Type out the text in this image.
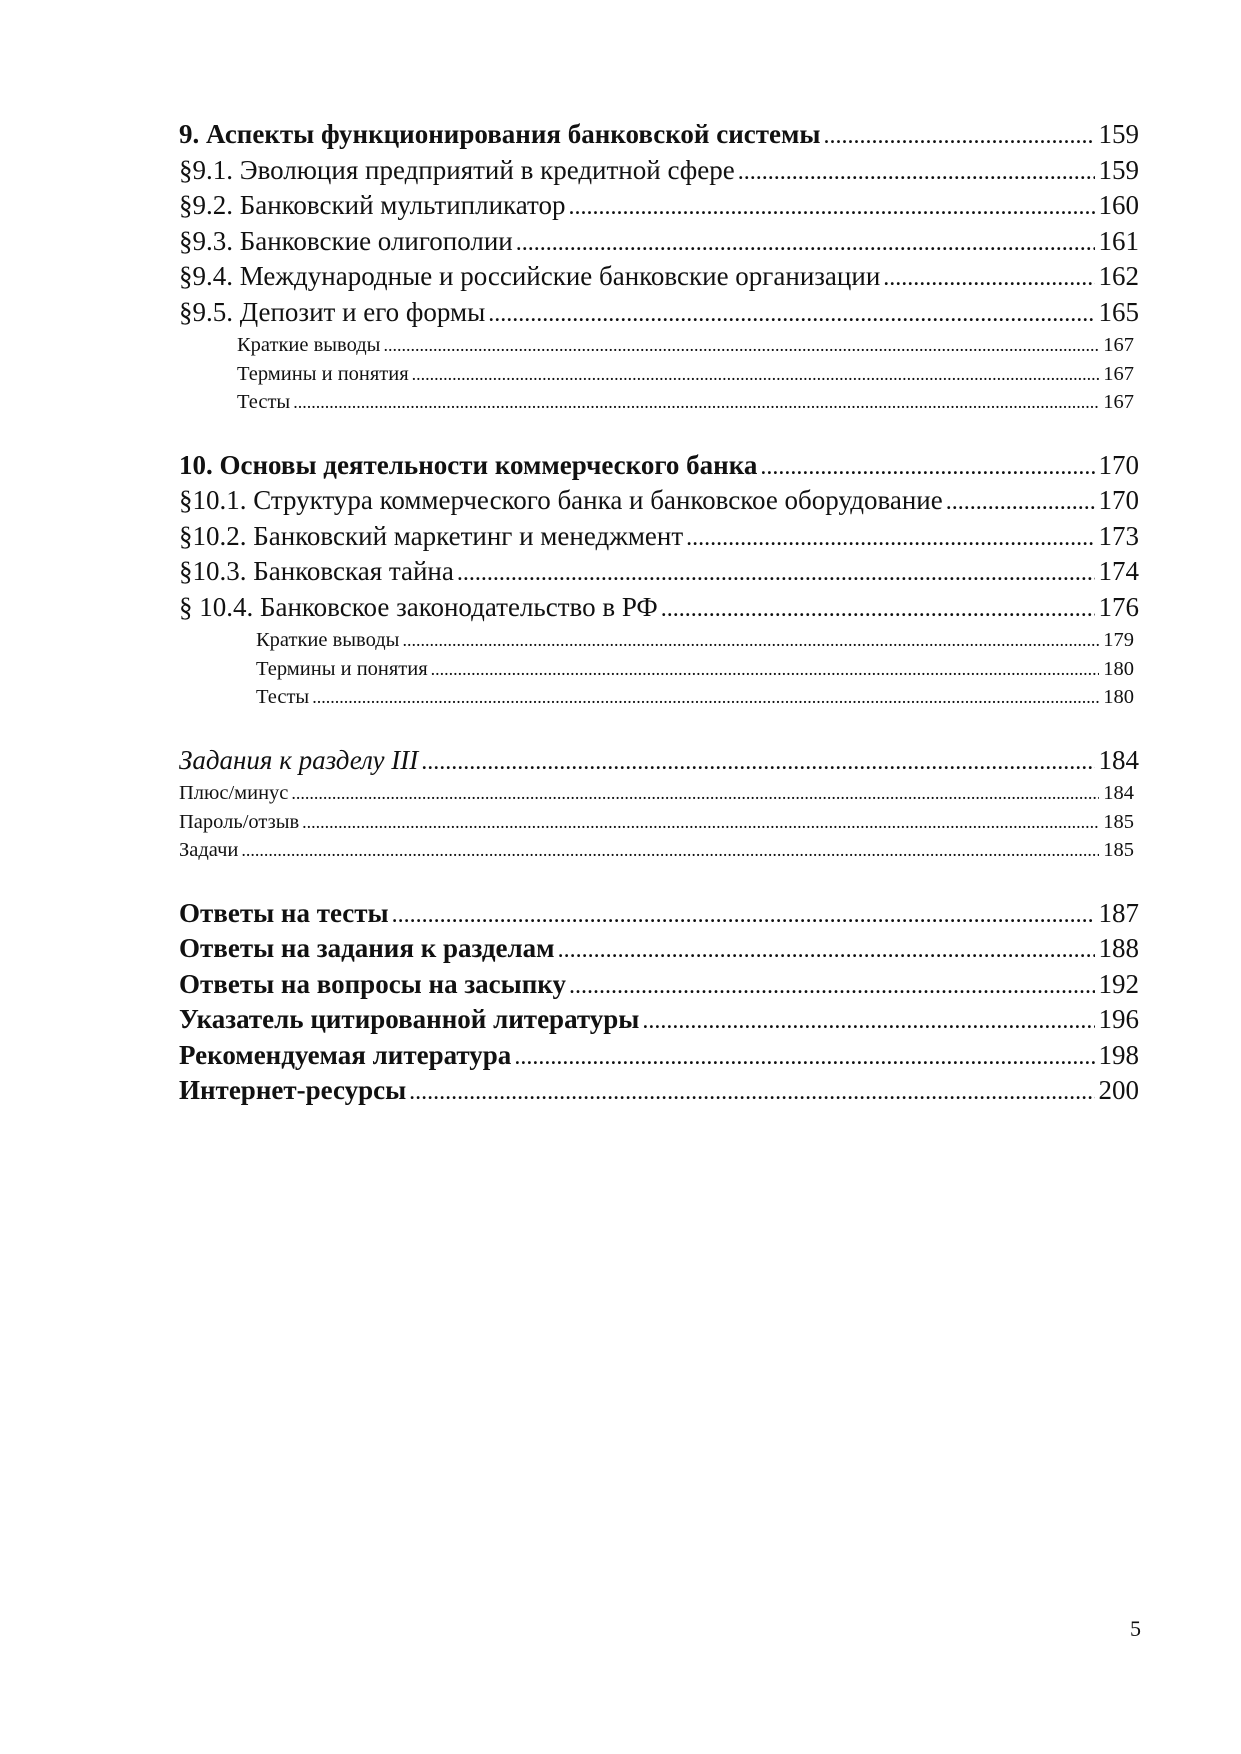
9. Аспекты функционирования банковской системы .....	159
§9.1. Эволюция предприятий в кредитной сфере .....	159
§9.2. Банковский мультипликатор .....	160
§9.3. Банковские олигополии .....	161
§9.4. Международные и российские банковские организации .....	162
§9.5. Депозит и его формы .....	165
Краткие выводы .....	167
Термины и понятия .....	167
Тесты .....	167
10. Основы деятельности коммерческого банка .....	170
§10.1. Структура коммерческого банка и банковское оборудование .....	170
§10.2. Банковский маркетинг и менеджмент .....	173
§10.3. Банковская тайна .....	174
§ 10.4. Банковское законодательство в РФ .....	176
Краткие выводы .....	179
Термины и понятия .....	180
Тесты .....	180
Задания к разделу III .....	184
Плюс/минус .....	184
Пароль/отзыв .....	185
Задачи .....	185
Ответы на тесты .....	187
Ответы на задания к разделам .....	188
Ответы на вопросы на засыпку .....	192
Указатель цитированной литературы .....	196
Рекомендуемая литература .....	198
Интернет-ресурсы .....	200
5
